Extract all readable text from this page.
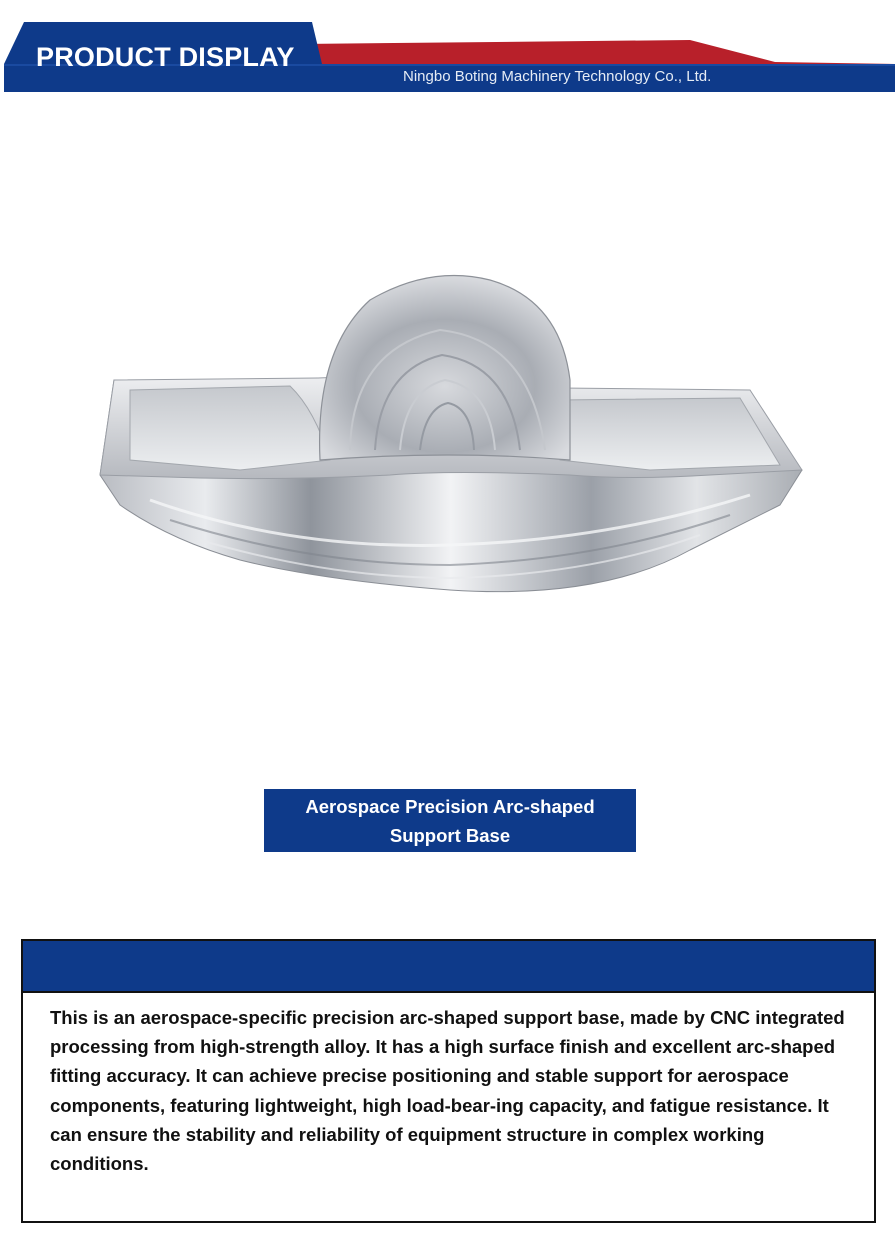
PRODUCT DISPLAY
Ningbo Boting Machinery Technology Co., Ltd.
Aerospace Precision Arc-shaped Support Base

This is an aerospace-specific precision arc-shaped support base, made by CNC integrated processing from high-strength alloy. It has a high surface finish and excellent arc-shaped fitting accuracy. It can achieve precise positioning and stable support for aerospace components, featuring lightweight, high load-bear-ing capacity, and fatigue resistance. It can ensure the stability and reliability of equipment structure in complex working conditions.
